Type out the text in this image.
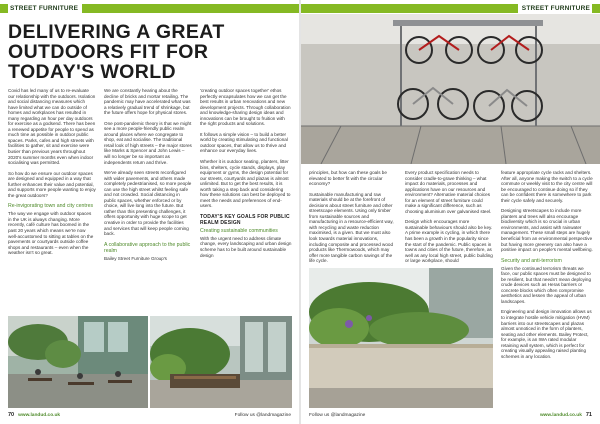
STREET FURNITURE
DELIVERING A GREAT
OUTDOORS FIT FOR
TODAY'S WORLD

Covid has led many of us to re-evaluate our relationship with the outdoors. Isolation and social distancing measures which have limited what we can do outside of homes and workplaces has resulted in many regarding an hour per day outdoors for exercise as a godsend. There has been a renewed appetite for people to spend as much time as possible in outdoor public spaces. Parks, cafes and high streets with facilities to gather, sit and exercise were busier than previous years throughout 2020's summer months even when indoor socialising was permitted.

So how do we ensure our outdoor spaces are designed and equipped in a way that further enhances their value and potential, and supports more people wanting to enjoy the great outdoors?

Re-invigorating town and city centres

The way we engage with outdoor spaces in the UK is always changing. More recently, café culture has boomed in the past 20 years which means we're now well-accustomed to sitting at tables on the pavements or courtyards outside coffee shops and restaurants – even when the weather isn't so great.

We are constantly hearing about the decline of bricks and mortar retailing. The pandemic may have accelerated what was a relatively gradual trend of shrinkage, but the future offers hope for physical stores.

One post-pandemic theory is that we might see a more people-friendly public realm around places where we congregate to shop, eat and socialise. The traditional retail look of high streets – the major stores like Marks & Spencer and John Lewis – will no longer be so important as independents return and thrive.

We've already seen streets reconfigured with wider pavements, and others made completely pedestrianised, so more people can use the high street whilst feeling safe and not crowded. Social distancing in public spaces, whether enforced or by choice, will live long into the future. But rather than this presenting challenges, it offers opportunity with huge scope to get creative in order to provide the facilities and services that will keep people coming back.

A collaborative approach to the public realm

Bailey Street Furniture Group's

'creating outdoor spaces together' ethos perfectly encapsulates how we can get the best results in urban renovations and new development projects. Through collaboration and knowledge-sharing design ideas and innovations can be brought to fruition with the right products and solutions.

It follows a simple vision – to build a better world by creating stimulating and functional outdoor spaces, that allow us to thrive and enhance our everyday lives.

Whether it is outdoor seating, planters, litter bins, shelters, cycle stands, displays, play equipment or gyms, the design potential for our streets, courtyards and plazas is almost unlimited. But to get the best results, it is worth taking a step back and considering how these solutions can best be deployed to meet the needs and preferences of end-users.

TODAY'S KEY GOALS FOR PUBLIC REALM DESIGN
Creating sustainable communities

With the urgent need to address climate change, every landscaping and urban design scheme has to be built around sustainable design

70 www.landud.co.uk	Follow us @landmagazine
STREET FURNITURE

principles, but how can these goals be elevated to better fit with the circular economy?

Sustainable manufacturing and raw materials should be at the forefront of decisions about street furniture and other streetscape elements. Using only timber from sustainable sources and manufacturing in a resource-efficient way, with recycling and waste reduction maximised, is a given. But we must also look towards material innovations, including composite and processed wood products like Thermowoods, which may offer more tangible carbon savings of the life cycle.

Every product specification needs to consider cradle-to-grave thinking – what impact do materials, processes and applications have on our resources and environment? Alternative material choices for an element of street furniture could make a significant difference, such as choosing aluminium over galvanised steel.

Design which encourages more sustainable behaviours should also be key. A prime example is cycling, in which there has been a growth in the popularity since the start of the pandemic. Public spaces in towns and cities of the future, therefore, as well as any local high street, public building or large workplace, should

feature appropriate cycle racks and shelters. After all, anyone making the switch to a cycle commute or weekly visit to the city centre will be encouraged to continue doing so if they can be confident there is somewhere to park their cycle safely and securely.

Designing streetscapes to include more planters and trees will also encourage biodiversity which is so crucial in urban environments, and assist with rainwater management. These small steps are hugely beneficial from an environmental perspective but having more greenery can also have a positive impact on people's mental wellbeing.

Security and anti-terrorism

Given the continued terrorism threats we face, our public spaces must be designed to be resilient, but that needn't mean deploying crude devices such as Heras barriers or concrete blocks which often compromise aesthetics and lessen the appeal of urban landscapes.

Engineering and design innovation allows us to integrate hostile vehicle mitigation (HVM) barriers into our streetscapes and plazas almost unnoticed in the form of planters, seating and other elements. Bailey Protect, for example, is an IWA rated modular retaining wall system, which is perfect for creating visually appealing raised planting schemes in any location.

Follow us @landmagazine	www.landud.co.uk 71
